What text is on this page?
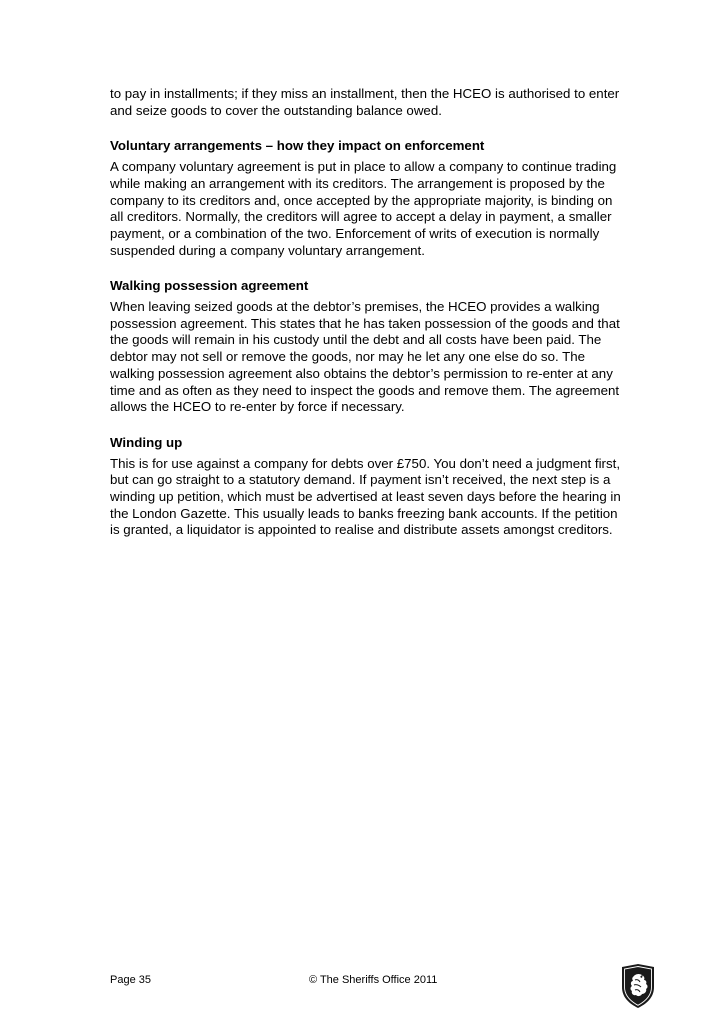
to pay in installments; if they miss an installment, then the HCEO is authorised to enter and seize goods to cover the outstanding balance owed.

Voluntary arrangements – how they impact on enforcement

A company voluntary agreement is put in place to allow a company to continue trading while making an arrangement with its creditors. The arrangement is proposed by the company to its creditors and, once accepted by the appropriate majority, is binding on all creditors. Normally, the creditors will agree to accept a delay in payment, a smaller payment, or a combination of the two. Enforcement of writs of execution is normally suspended during a company voluntary arrangement.

Walking possession agreement

When leaving seized goods at the debtor’s premises, the HCEO provides a walking possession agreement. This states that he has taken possession of the goods and that the goods will remain in his custody until the debt and all costs have been paid. The debtor may not sell or remove the goods, nor may he let any one else do so. The walking possession agreement also obtains the debtor’s permission to re-enter at any time and as often as they need to inspect the goods and remove them. The agreement allows the HCEO to re-enter by force if necessary.

Winding up

This is for use against a company for debts over £750. You don’t need a judgment first, but can go straight to a statutory demand. If payment isn’t received, the next step is a winding up petition, which must be advertised at least seven days before the hearing in the London Gazette. This usually leads to banks freezing bank accounts. If the petition is granted, a liquidator is appointed to realise and distribute assets amongst creditors.

Page 35	© The Sheriffs Office 2011
